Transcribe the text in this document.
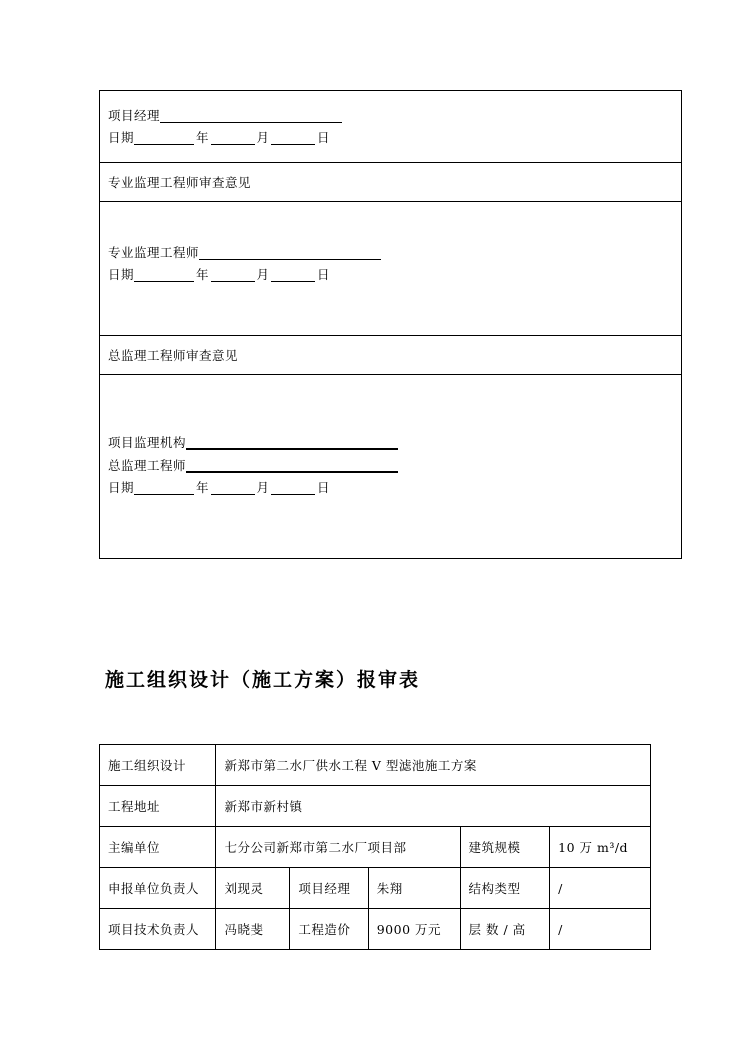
项目经理
日期	年	月	日

专业监理工程师审查意见

专业监理工程师
日期	年	月	日

总监理工程师审查意见

项目监理机构
总监理工程师
日期	年	月	日
施工组织设计（施工方案）报审表
施工组织设计	新郑市第二水厂供水工程 V 型滤池施工方案				
工程地址	新郑市新村镇				
主编单位	七分公司新郑市第二水厂项目部			建筑规模	10 万 m³/d
申报单位负责人	刘现灵	项目经理	朱翔	结构类型	/
项目技术负责人	冯晓斐	工程造价	9000 万元	层 数 / 高	/
